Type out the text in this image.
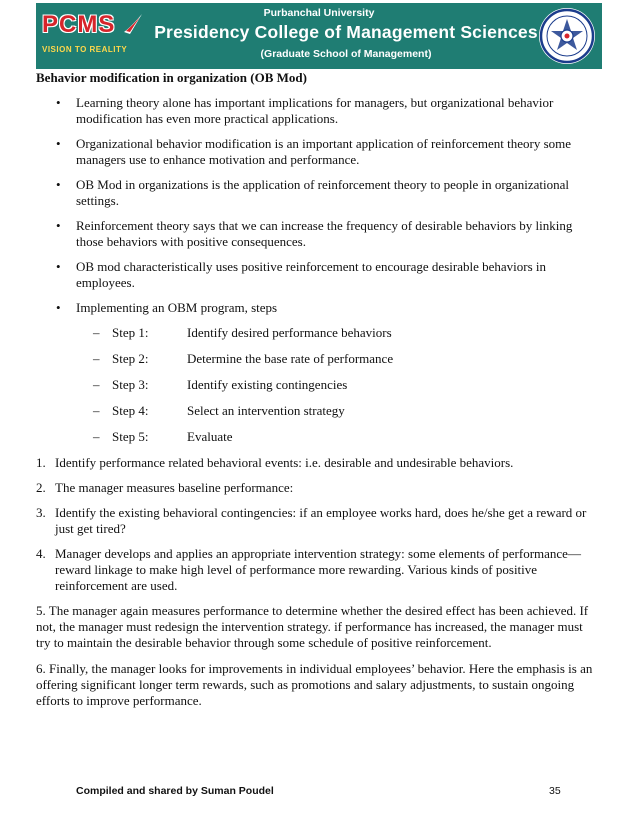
PCMS
VISION TO REALITY
Purbanchal University
Presidency College of Management Sciences
(Graduate School of Management)
Behavior modification in organization (OB Mod)
• Learning theory alone has important implications for managers, but organizational behavior modification has even more practical applications.
• Organizational behavior modification is an important application of reinforcement theory some managers use to enhance motivation and performance.
• OB Mod in organizations is the application of reinforcement theory to people in organizational settings.
• Reinforcement theory says that we can increase the frequency of desirable behaviors by linking those behaviors with positive consequences.
• OB mod characteristically uses positive reinforcement to encourage desirable behaviors in employees.
• Implementing an OBM program, steps
– Step 1:	Identify desired performance behaviors
– Step 2:	Determine the base rate of performance
– Step 3:	Identify existing contingencies
– Step 4:	Select an intervention strategy
– Step 5:	Evaluate
1. Identify performance related behavioral events: i.e. desirable and undesirable behaviors.
2. The manager measures baseline performance:
3. Identify the existing behavioral contingencies: if an employee works hard, does he/she get a reward or just get tired?
4. Manager develops and applies an appropriate intervention strategy: some elements of performance—reward linkage to make high level of performance more rewarding. Various kinds of positive reinforcement are used.

5. The manager again measures performance to determine whether the desired effect has been achieved. If not, the manager must redesign the intervention strategy. if performance has increased, the manager must try to maintain the desirable behavior through some schedule of positive reinforcement.

6. Finally, the manager looks for improvements in individual employees’ behavior. Here the emphasis is an offering significant longer term rewards, such as promotions and salary adjustments, to sustain ongoing efforts to improve performance.

Compiled and shared by Suman Poudel	35
